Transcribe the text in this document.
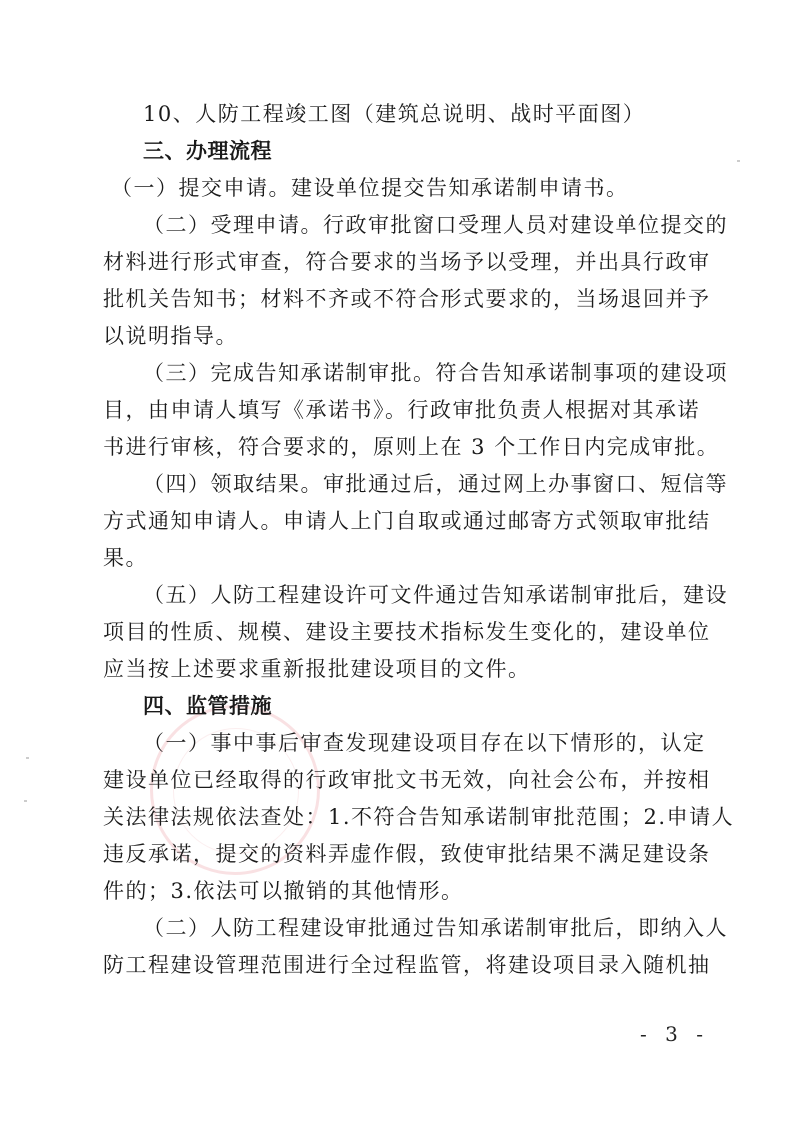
10、人防工程竣工图（建筑总说明、战时平面图）
三、办理流程
（一）提交申请。建设单位提交告知承诺制申请书。
（二）受理申请。行政审批窗口受理人员对建设单位提交的
材料进行形式审查，符合要求的当场予以受理，并出具行政审
批机关告知书；材料不齐或不符合形式要求的，当场退回并予
以说明指导。
（三）完成告知承诺制审批。符合告知承诺制事项的建设项
目，由申请人填写《承诺书》。行政审批负责人根据对其承诺
书进行审核，符合要求的，原则上在 3 个工作日内完成审批。
（四）领取结果。审批通过后，通过网上办事窗口、短信等
方式通知申请人。申请人上门自取或通过邮寄方式领取审批结
果。
（五）人防工程建设许可文件通过告知承诺制审批后，建设
项目的性质、规模、建设主要技术指标发生变化的，建设单位
应当按上述要求重新报批建设项目的文件。
四、监管措施
（一）事中事后审查发现建设项目存在以下情形的，认定
建设单位已经取得的行政审批文书无效，向社会公布，并按相
关法律法规依法查处：1.不符合告知承诺制审批范围；2.申请人
违反承诺，提交的资料弄虚作假，致使审批结果不满足建设条
件的；3.依法可以撤销的其他情形。
（二）人防工程建设审批通过告知承诺制审批后，即纳入人
防工程建设管理范围进行全过程监管，将建设项目录入随机抽
- 3 -
